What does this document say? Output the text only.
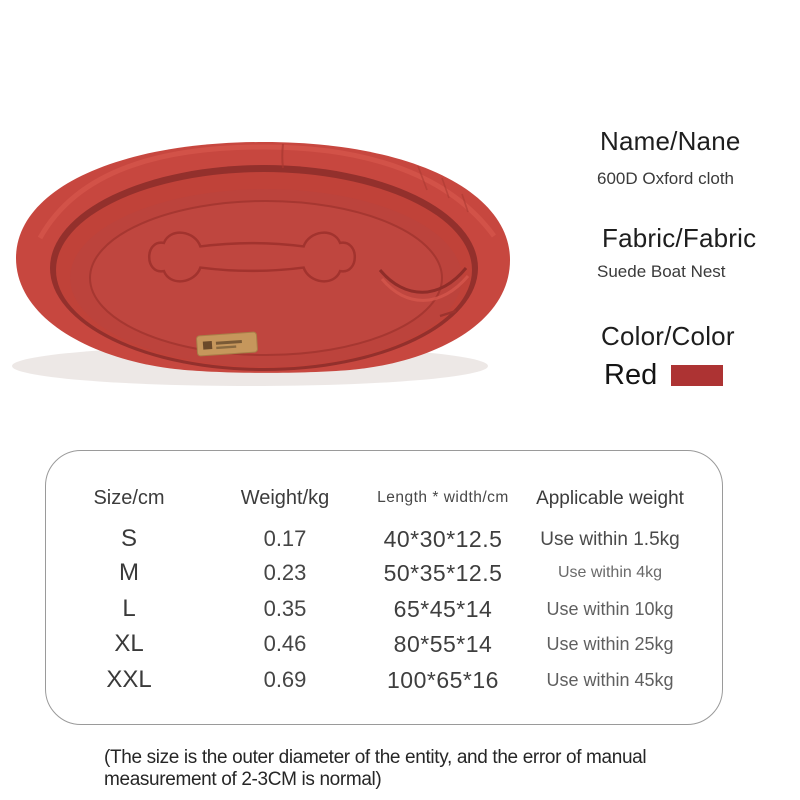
Name/Nane
600D Oxford cloth
Fabric/Fabric
Suede Boat Nest
Color/Color
Red
Size/cm	Weight/kg	Length * width/cm	Applicable weight
S	0.17	40*30*12.5	Use within 1.5kg
M	0.23	50*35*12.5	Use within 4kg
L	0.35	65*45*14	Use within 10kg
XL	0.46	80*55*14	Use within 25kg
XXL	0.69	100*65*16	Use within 45kg
(The size is the outer diameter of the entity, and the error of manual measurement of 2-3CM is normal)
